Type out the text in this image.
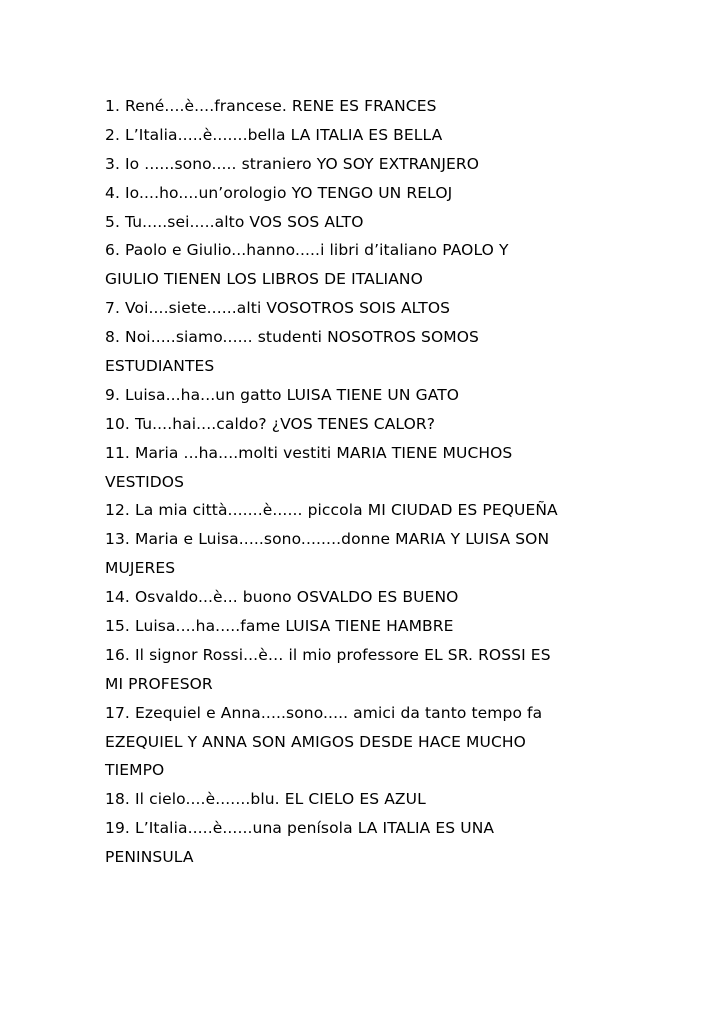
1. René....è....francese. RENE ES FRANCES
2. L’Italia.....è.......bella LA ITALIA ES BELLA
3. Io ......sono..... straniero YO SOY EXTRANJERO
4. Io....ho....un’orologio YO TENGO UN RELOJ
5. Tu.....sei.....alto VOS SOS ALTO
6. Paolo e Giulio...hanno.....i libri d’italiano PAOLO Y
GIULIO TIENEN LOS LIBROS DE ITALIANO
7. Voi....siete......alti VOSOTROS SOIS ALTOS
8. Noi.....siamo...... studenti NOSOTROS SOMOS
ESTUDIANTES
9. Luisa...ha...un gatto LUISA TIENE UN GATO
10. Tu....hai....caldo? ¿VOS TENES CALOR?
11. Maria ...ha....molti vestiti MARIA TIENE MUCHOS
VESTIDOS
12. La mia città.......è...... piccola MI CIUDAD ES PEQUEÑA
13. Maria e Luisa.....sono........donne MARIA Y LUISA SON
MUJERES
14. Osvaldo...è... buono OSVALDO ES BUENO
15. Luisa....ha.....fame LUISA TIENE HAMBRE
16. Il signor Rossi...è… il mio professore EL SR. ROSSI ES
MI PROFESOR
17. Ezequiel e Anna.....sono..... amici da tanto tempo fa
EZEQUIEL Y ANNA SON AMIGOS DESDE HACE MUCHO
TIEMPO
18. Il cielo....è.......blu. EL CIELO ES AZUL
19. L’Italia.....è......una penísola LA ITALIA ES UNA
PENINSULA
